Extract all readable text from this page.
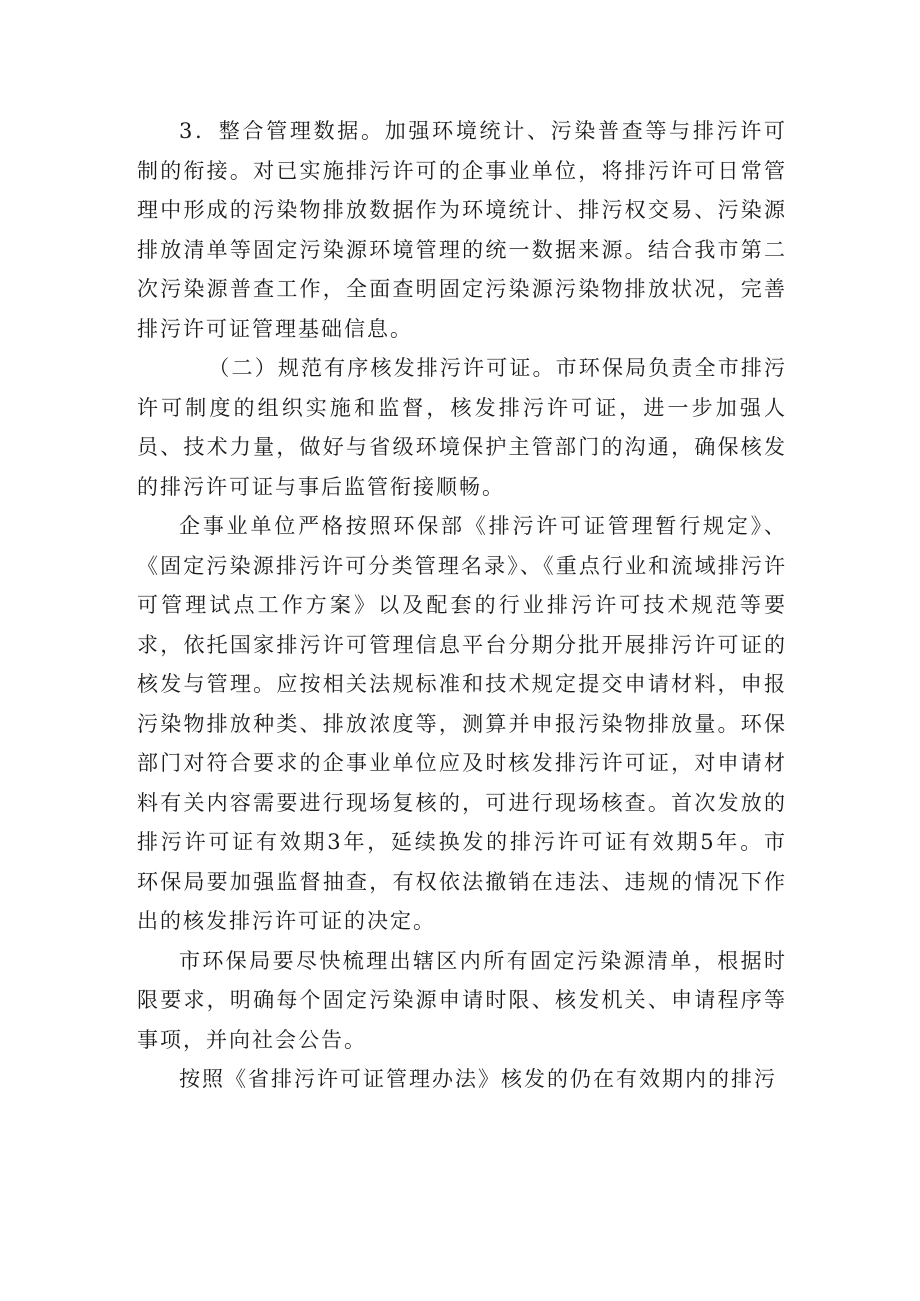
3．整合管理数据。加强环境统计、污染普查等与排污许可制的衔接。对已实施排污许可的企事业单位，将排污许可日常管理中形成的污染物排放数据作为环境统计、排污权交易、污染源排放清单等固定污染源环境管理的统一数据来源。结合我市第二次污染源普查工作，全面查明固定污染源污染物排放状况，完善排污许可证管理基础信息。

（二）规范有序核发排污许可证。市环保局负责全市排污许可制度的组织实施和监督，核发排污许可证，进一步加强人员、技术力量，做好与省级环境保护主管部门的沟通，确保核发的排污许可证与事后监管衔接顺畅。

企事业单位严格按照环保部《排污许可证管理暂行规定》、《固定污染源排污许可分类管理名录》、《重点行业和流域排污许可管理试点工作方案》以及配套的行业排污许可技术规范等要求，依托国家排污许可管理信息平台分期分批开展排污许可证的核发与管理。应按相关法规标准和技术规定提交申请材料，申报污染物排放种类、排放浓度等，测算并申报污染物排放量。环保部门对符合要求的企事业单位应及时核发排污许可证，对申请材料有关内容需要进行现场复核的，可进行现场核查。首次发放的排污许可证有效期3年，延续换发的排污许可证有效期5年。市环保局要加强监督抽查，有权依法撤销在违法、违规的情况下作出的核发排污许可证的决定。

市环保局要尽快梳理出辖区内所有固定污染源清单，根据时限要求，明确每个固定污染源申请时限、核发机关、申请程序等事项，并向社会公告。

按照《省排污许可证管理办法》核发的仍在有效期内的排污
